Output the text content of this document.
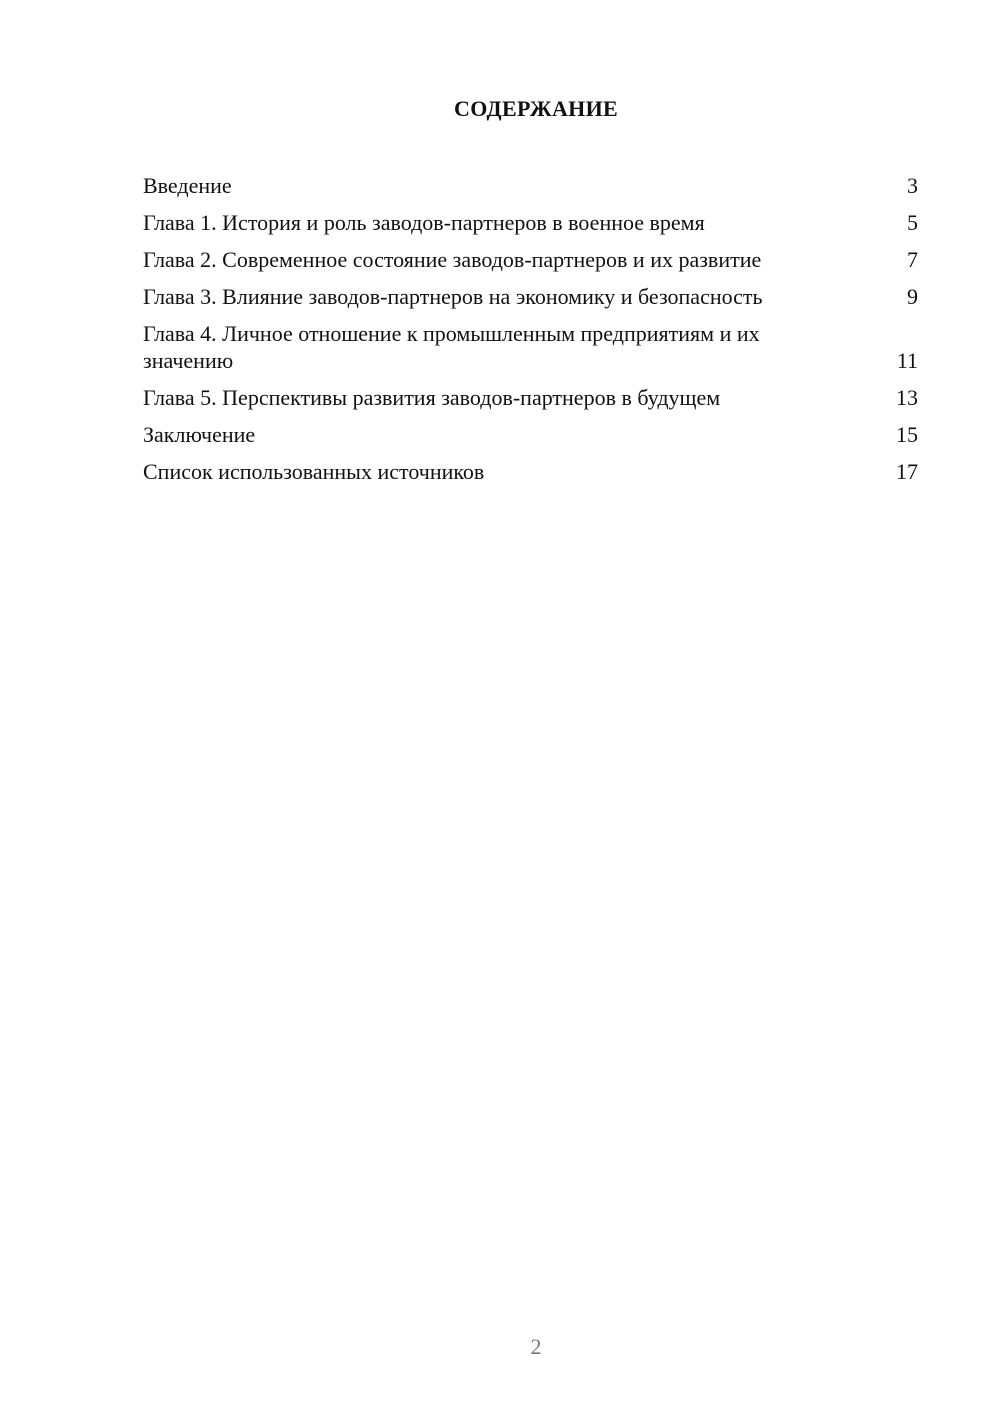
СОДЕРЖАНИЕ
Введение	3
Глава 1. История и роль заводов-партнеров в военное время	5
Глава 2. Современное состояние заводов-партнеров и их развитие	7
Глава 3. Влияние заводов-партнеров на экономику и безопасность	9
Глава 4. Личное отношение к промышленным предприятиям и их значению	11
Глава 5. Перспективы развития заводов-партнеров в будущем	13
Заключение	15
Список использованных источников	17
2
